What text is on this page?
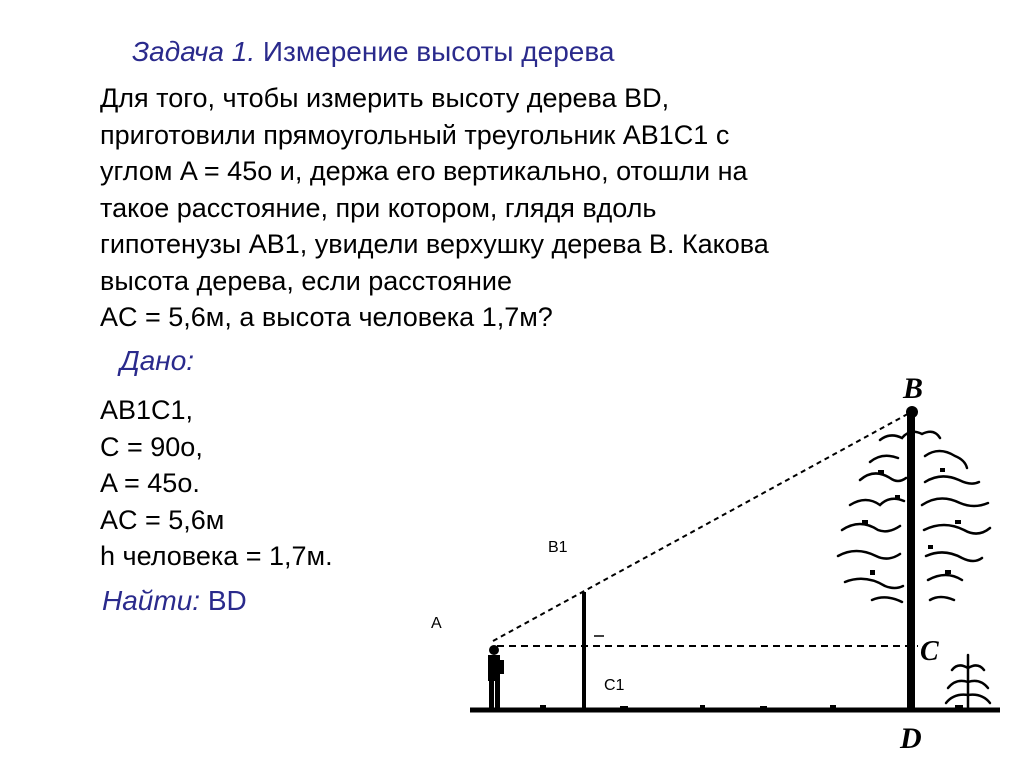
Задача 1. Измерение высоты дерева
Для того, чтобы измерить высоту дерева BD,
приготовили прямоугольный треугольник AB1C1 с
углом A = 45o и, держа его вертикально, отошли на
такое расстояние, при котором, глядя вдоль
гипотенузы AB1, увидели верхушку дерева B. Какова
высота дерева, если расстояние
AC = 5,6м, а высота человека 1,7м?
Дано:
AB1C1,
C = 90o,
A = 45o.
AC = 5,6м
h человека = 1,7м.
Найти: BD
B
C
D
A
B1
C1
